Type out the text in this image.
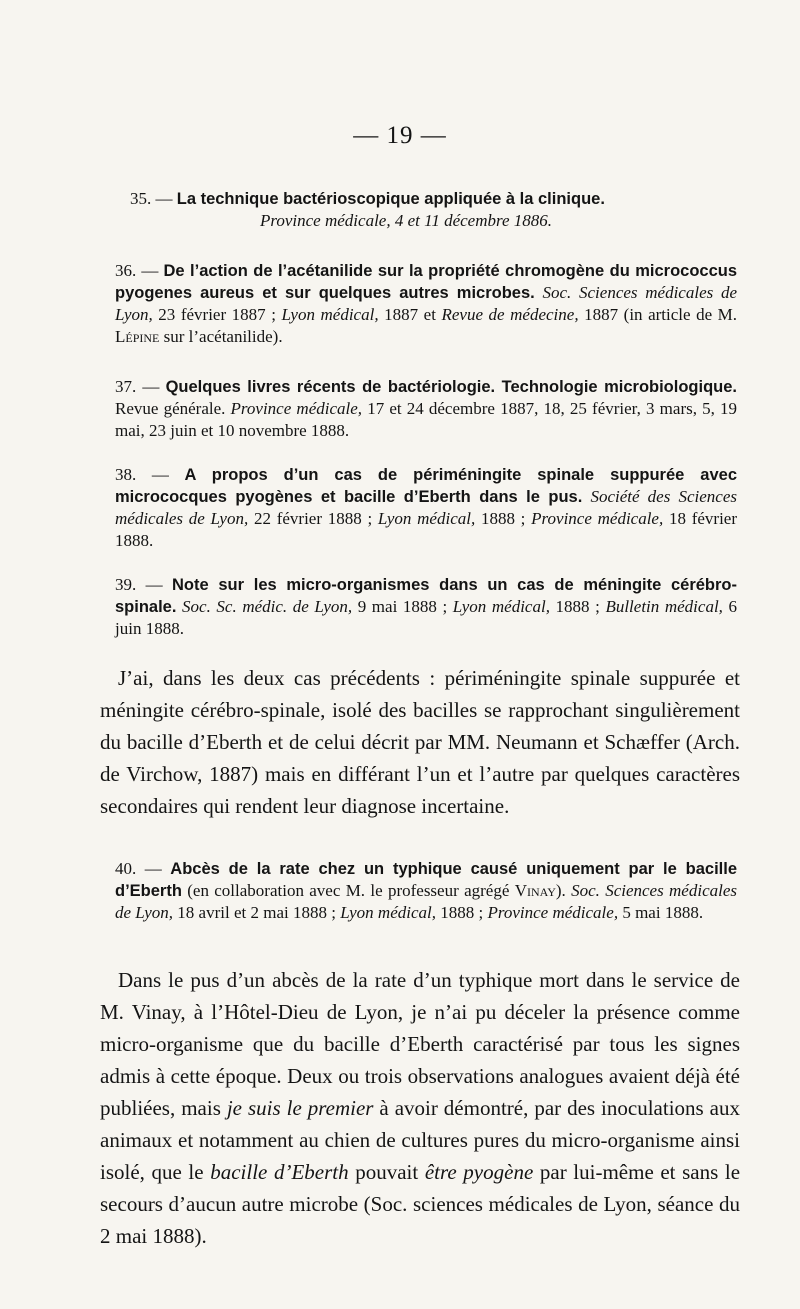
— 19 —
35. — La technique bactérioscopique appliquée à la clinique.
Province médicale, 4 et 11 décembre 1886.
36. — De l’action de l’acétanilide sur la propriété chromogène du micrococcus pyogenes aureus et sur quelques autres microbes. Soc. Sciences médicales de Lyon, 23 février 1887 ; Lyon médical, 1887 et Revue de médecine, 1887 (in article de M. Lépine sur l’acétanilide).
37. — Quelques livres récents de bactériologie. Technologie microbiologique. Revue générale. Province médicale, 17 et 24 décembre 1887, 18, 25 février, 3 mars, 5, 19 mai, 23 juin et 10 novembre 1888.
38. — A propos d’un cas de périméningite spinale suppurée avec micrococques pyogènes et bacille d’Eberth dans le pus. Société des Sciences médicales de Lyon, 22 février 1888 ; Lyon médical, 1888 ; Province médicale, 18 février 1888.
39. — Note sur les micro-organismes dans un cas de méningite cérébro-spinale. Soc. Sc. médic. de Lyon, 9 mai 1888 ; Lyon médical, 1888 ; Bulletin médical, 6 juin 1888.
J’ai, dans les deux cas précédents : périméningite spinale suppurée et méningite cérébro-spinale, isolé des bacilles se rapprochant singulièrement du bacille d’Eberth et de celui décrit par MM. Neumann et Schæffer (Arch. de Virchow, 1887) mais en différant l’un et l’autre par quelques caractères secondaires qui rendent leur diagnose incertaine.
40. — Abcès de la rate chez un typhique causé uniquement par le bacille d’Eberth (en collaboration avec M. le professeur agrégé Vinay). Soc. Sciences médicales de Lyon, 18 avril et 2 mai 1888 ; Lyon médical, 1888 ; Province médicale, 5 mai 1888.
Dans le pus d’un abcès de la rate d’un typhique mort dans le service de M. Vinay, à l’Hôtel-Dieu de Lyon, je n’ai pu déceler la présence comme micro-organisme que du bacille d’Eberth caractérisé par tous les signes admis à cette époque. Deux ou trois observations analogues avaient déjà été publiées, mais je suis le premier à avoir démontré, par des inoculations aux animaux et notamment au chien de cultures pures du micro-organisme ainsi isolé, que le bacille d’Eberth pouvait être pyogène par lui-même et sans le secours d’aucun autre microbe (Soc. sciences médicales de Lyon, séance du 2 mai 1888).
